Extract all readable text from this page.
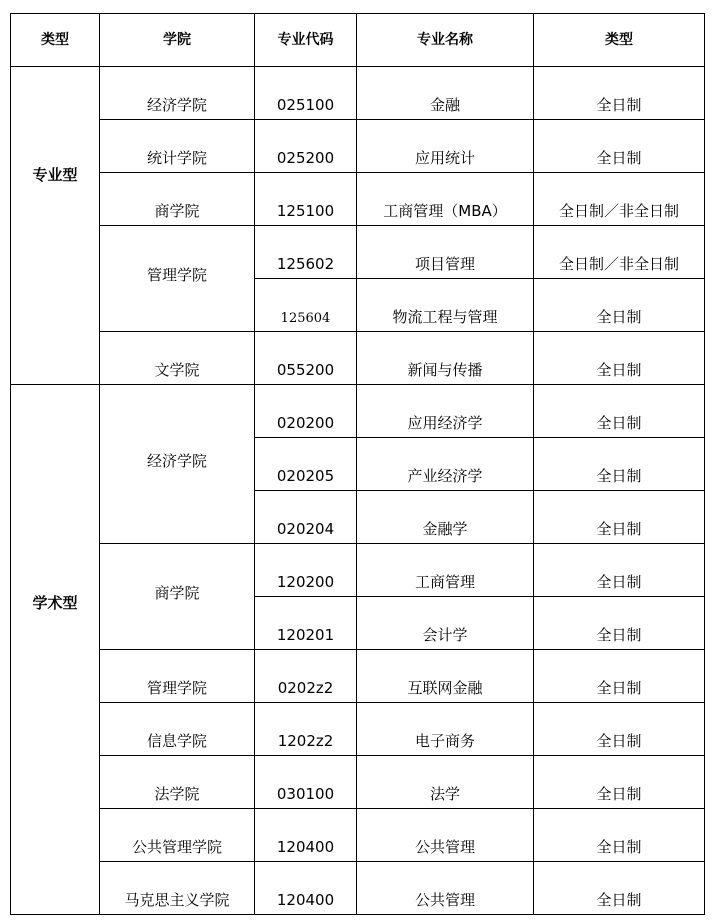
类型	学院	专业代码	专业名称	类型
专业型	经济学院	025100	金融	全日制
	统计学院	025200	应用统计	全日制
	商学院	125100	工商管理（MBA）	全日制／非全日制
	管理学院	125602	项目管理	全日制／非全日制
		125604	物流工程与管理	全日制
	文学院	055200	新闻与传播	全日制
学术型	经济学院	020200	应用经济学	全日制
		020205	产业经济学	全日制
		020204	金融学	全日制
	商学院	120200	工商管理	全日制
		120201	会计学	全日制
	管理学院	0202z2	互联网金融	全日制
	信息学院	1202z2	电子商务	全日制
	法学院	030100	法学	全日制
	公共管理学院	120400	公共管理	全日制
	马克思主义学院	120400	公共管理	全日制
